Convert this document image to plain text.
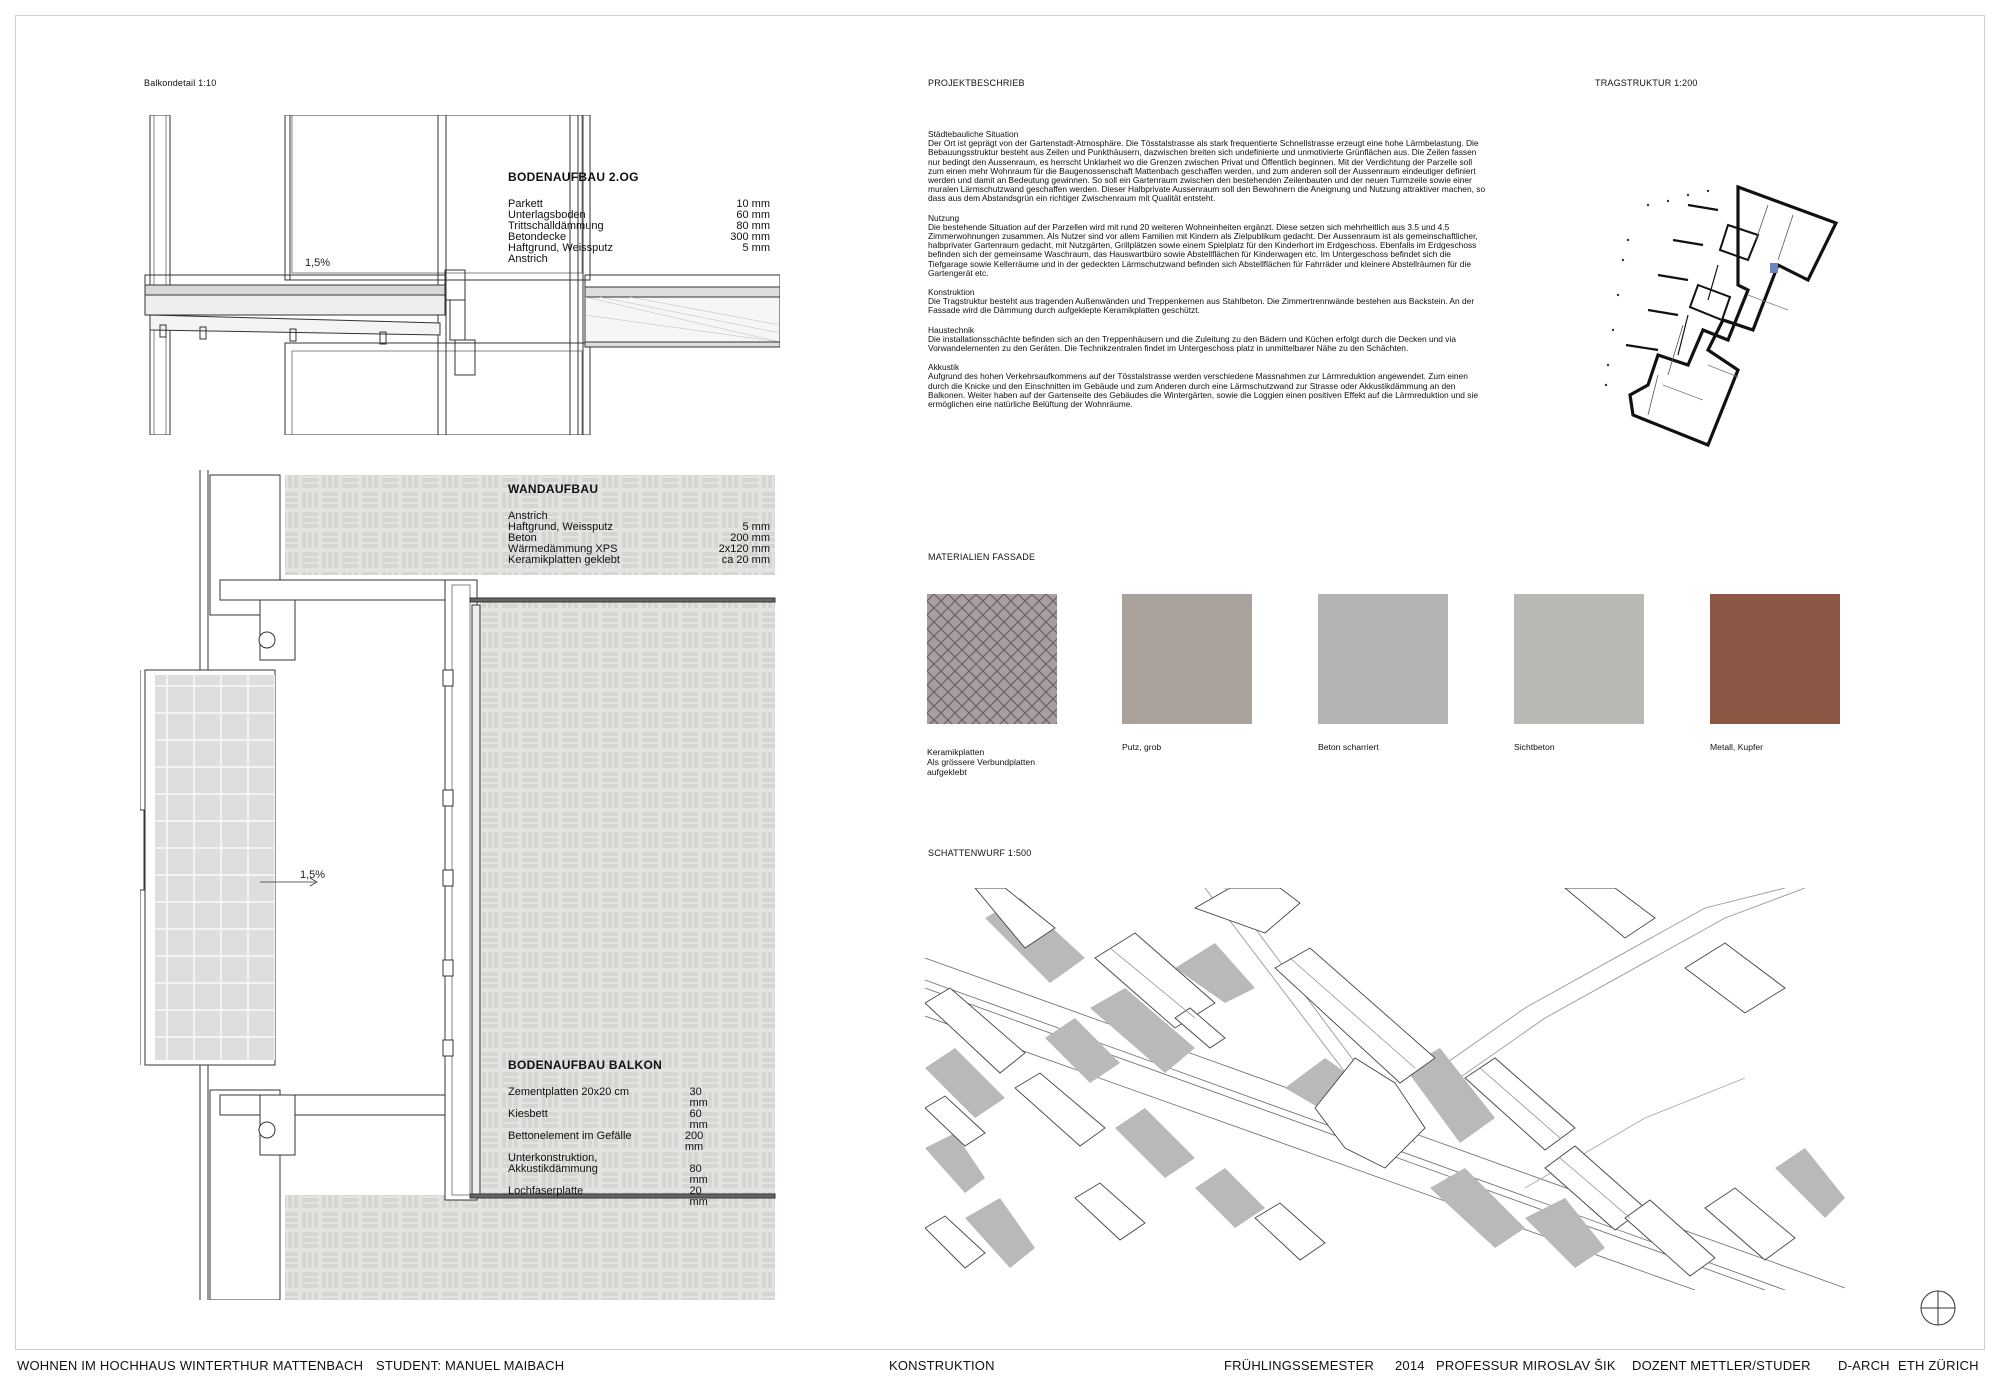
Balkondetail 1:10
1,5%
BODENAUFBAU 2.OG
Parkett	10 mm
Unterlagsboden	60 mm
Trittschalldämmung	80 mm
Betondecke	300 mm
Haftgrund, Weissputz	5 mm
Anstrich
1,5%
WANDAUFBAU
Anstrich
Haftgrund, Weissputz	5 mm
Beton	200 mm
Wärmedämmung XPS	2x120 mm
Keramikplatten geklebt	ca 20 mm
BODENAUFBAU BALKON
Zementplatten 20x20 cm	30 mm
Kiesbett	60 mm
Bettonelement im Gefälle	200 mm
Unterkonstruktion,
Akkustikdämmung	80 mm
Lochfaserplatte	20 mm
PROJEKTBESCHRIEB
Städtebauliche Situation
Der Ort ist geprägt von der Gartenstadt-Atmosphäre. Die Tösstalstrasse als stark frequentierte Schnellstrasse erzeugt eine hohe Lärmbelastung. Die Bebauungsstruktur besteht aus Zeilen und Punkthäusern, dazwischen breiten sich undefinierte und unmotivierte Grünflächen aus. Die Zeilen fassen nur bedingt den Aussenraum, es herrscht Unklarheit wo die Grenzen zwischen Privat und Öffentlich beginnen. Mit der Verdichtung der Parzelle soll zum einen mehr Wohnraum für die Baugenossenschaft Mattenbach geschaffen werden, und zum anderen soll der Aussenraum eindeutiger definiert werden und damit an Bedeutung gewinnen. So soll ein Gartenraum zwischen den bestehenden Zeilenbauten und der neuen Turmzeile sowie einer muralen Lärmschutzwand geschaffen werden. Dieser Halbprivate Aussenraum soll den Bewohnern die Aneignung und Nutzung attraktiver machen, so dass aus dem Abstandsgrün ein richtiger Zwischenraum mit Qualität entsteht.
Nutzung
Die bestehende Situation auf der Parzellen wird mit rund 20 weiteren Wohneinheiten ergänzt. Diese setzen sich mehrheitlich aus 3.5 und 4.5 Zimmerwohnungen zusammen. Als Nutzer sind vor allem Familien mit Kindern als Zielpublikum gedacht. Der Aussenraum ist als gemeinschaftlicher, halbprivater Gartenraum gedacht, mit Nutzgärten, Grillplätzen sowie einem Spielplatz für den Kinderhort im Erdgeschoss. Ebenfalls im Erdgeschoss befinden sich der gemeinsame Waschraum, das Hauswartbüro sowie Abstellflächen für Kinderwagen etc. Im Untergeschoss befindet sich die Tiefgarage sowie Kellerräume und in der gedeckten Lärmschutzwand befinden sich Abstellflächen für Fahrräder und kleinere Abstellräumen für die Gartengerät etc.
Konstruktion
Die Tragstruktur besteht aus tragenden Außenwänden und Treppenkernen aus Stahlbeton. Die Zimmertrennwände bestehen aus Backstein. An der Fassade wird die Dämmung durch aufgeklepte Keramikplatten geschützt.
Haustechnik
Die installationsschächte befinden sich an den Treppenhäusern und die Zuleitung zu den Bädern und Küchen erfolgt durch die Decken und via Vorwandelementen zu den Geräten. Die Technikzentralen findet im Untergeschoss platz in unmittelbarer Nähe zu den Schächten.
Akkustik
Aufgrund des hohen Verkehrsaufkommens auf der Tösstalstrasse werden verschiedene Massnahmen zur Lärmreduktion angewendet. Zum einen durch die Knicke und den Einschnitten im Gebäude und zum Anderen durch eine Lärmschutzwand zur Strasse oder Akkustikdämmung an den Balkonen. Weiter haben auf der Gartenseite des Gebäudes die Wintergärten, sowie die Loggien einen positiven Effekt auf die Lärmreduktion und sie ermöglichen eine natürliche Belüftung der Wohnräume.
TRAGSTRUKTUR 1:200
MATERIALIEN FASSADE
Keramikplatten
Als grössere Verbundplatten
aufgeklebt
Putz, grob	Beton scharriert	Sichtbeton	Metall, Kupfer
SCHATTENWURF 1:500
WOHNEN IM HOCHHAUS WINTERTHUR MATTENBACH STUDENT: MANUEL MAIBACH	KONSTRUKTION	FRÜHLINGSSEMESTER 2014 PROFESSUR MIROSLAV ŠIK DOZENT METTLER/STUDER D-ARCH ETH ZÜRICH
